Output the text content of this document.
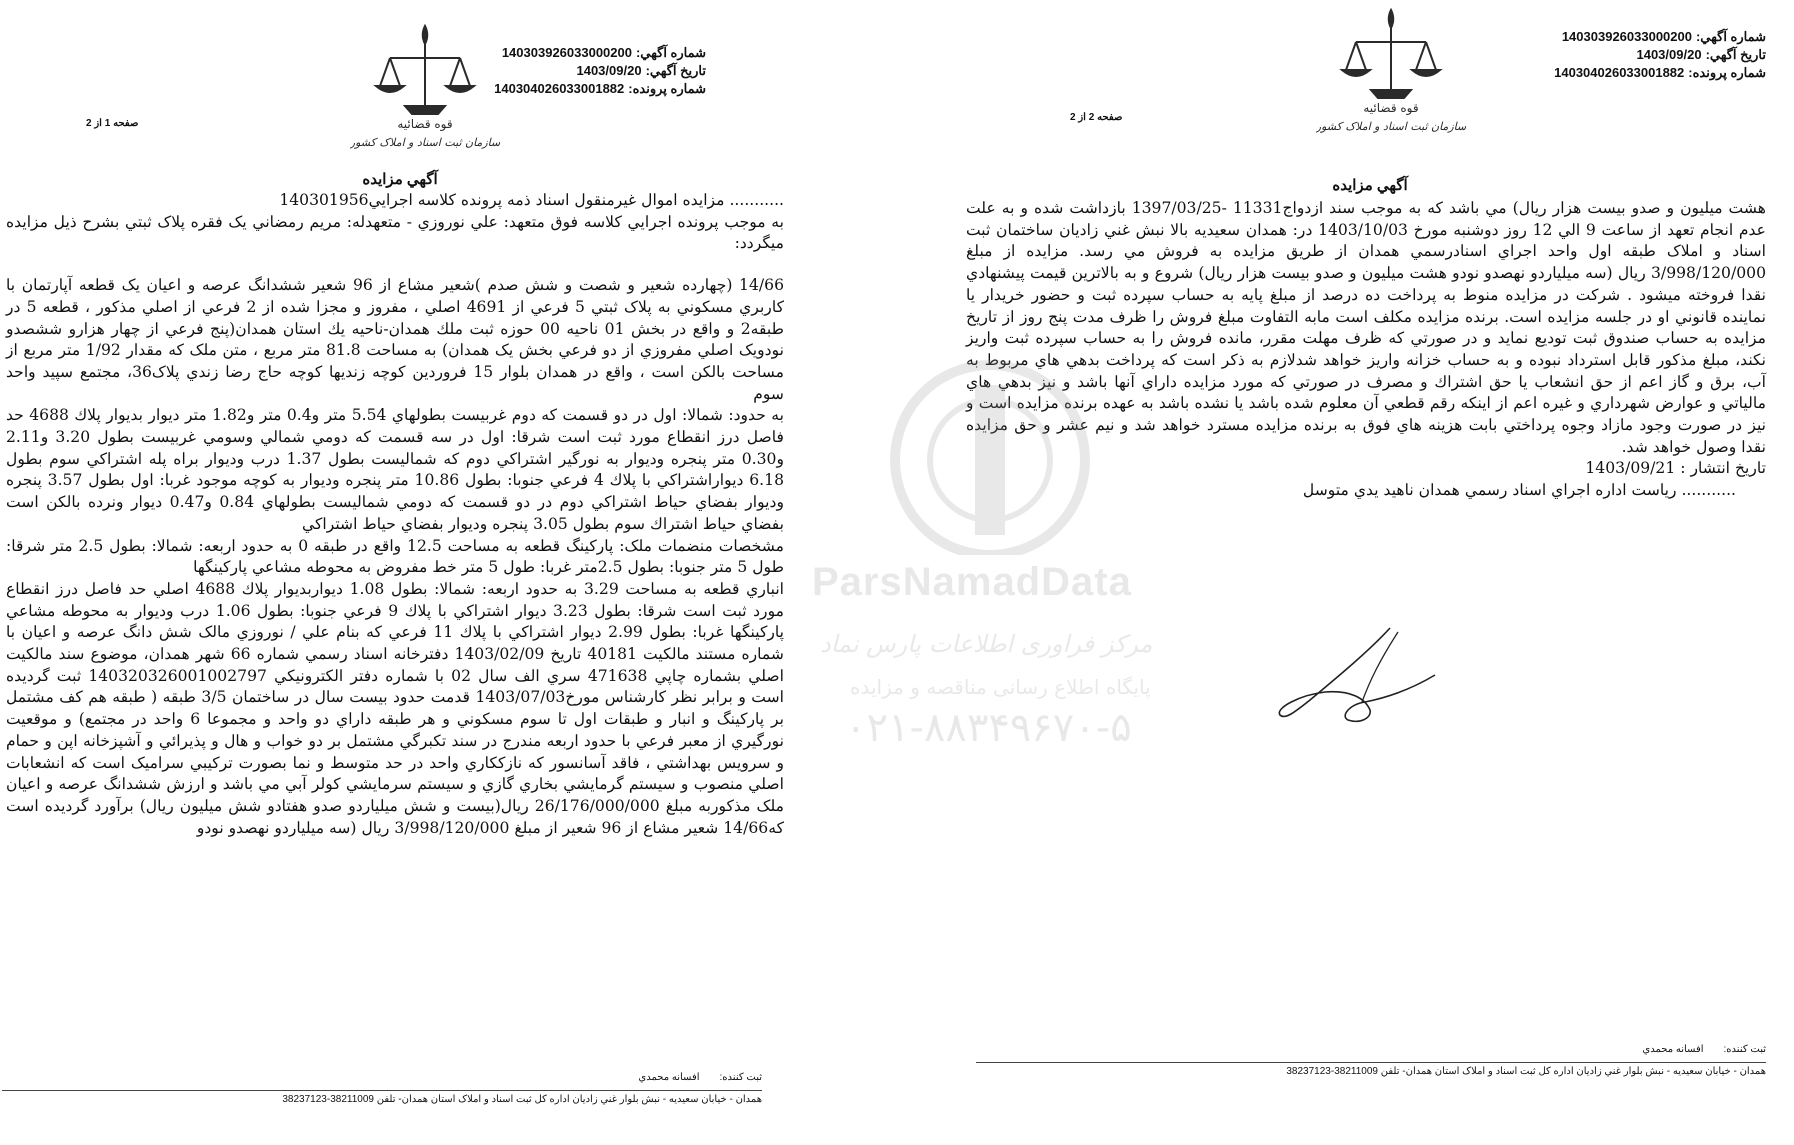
قوه قضائيه
سازمان ثبت اسناد و املاک کشور
شماره آگهي:140303926033000200
تاريخ آگهي:1403/09/20
شماره پرونده:140304026033001882
صفحه 1 از 2
آگهي مزايده

........... مزايده اموال غيرمنقول اسناد ذمه پرونده کلاسه اجرايي140301956

به موجب پرونده اجرايي کلاسه فوق متعهد: علي نوروزي - متعهدله: مريم رمضاني يک فقره پلاک ثبتي بشرح ذيل مزايده ميگردد:

14/66 (چهارده شعير و شصت و شش صدم )شعير مشاع از 96 شعير ششدانگ عرصه و اعيان يک قطعه آپارتمان با کاربري مسکوني به پلاک ثبتي 5 فرعي از 4691 اصلي ، مفروز و مجزا شده از 2 فرعي از اصلي مذکور ، قطعه 5 در طبقه2 و واقع در بخش 01 ناحيه 00 حوزه ثبت ملك همدان-ناحيه يك استان همدان(پنج فرعي از چهار هزارو ششصدو نودويک اصلي مفروزي از دو فرعي بخش يک همدان) به مساحت 81.8 متر مربع ، متن ملک که مقدار 1/92 متر مربع از مساحت بالكن است ، واقع در همدان بلوار 15 فروردين كوچه زنديها كوچه حاج رضا زندي پلاک36، مجتمع سپيد واحد سوم

به حدود: شمالا: اول در دو قسمت که دوم غربيست بطولهاي 5.54 متر و0.4 متر و1.82 متر ديوار بديوار پلاك 4688 حد فاصل درز انقطاع مورد ثبت است شرقا: اول در سه قسمت كه دومي شمالي وسومي غربيست بطول 3.20 و2.11 و0.30 متر پنجره وديوار به نورگير اشتراكي دوم كه شماليست بطول 1.37 درب وديوار براه پله اشتراكي سوم بطول 6.18 ديواراشتراكي با پلاك 4 فرعي جنوبا: بطول 10.86 متر پنجره وديوار به كوچه موجود غربا: اول بطول 3.57 پنجره وديوار بفضاي حياط اشتراكي دوم در دو قسمت كه دومي شماليست بطولهاي 0.84 و0.47 ديوار ونرده بالكن است بفضاي حياط اشتراك سوم بطول 3.05 پنجره وديوار بفضاي حياط اشتراكي

مشخصات منضمات ملک: پارکينگ قطعه به مساحت 12.5 واقع در طبقه 0 به حدود اربعه: شمالا: بطول 2.5 متر شرقا: طول 5 متر جنوبا: بطول 2.5متر غربا: طول 5 متر خط مفروض به محوطه مشاعي پارکينگها

انباري قطعه به مساحت 3.29 به حدود اربعه: شمالا: بطول 1.08 ديواربديوار پلاك 4688 اصلي حد فاصل درز انقطاع مورد ثبت است شرقا: بطول 3.23 ديوار اشتراكي با پلاك 9 فرعي جنوبا: بطول 1.06 درب وديوار به محوطه مشاعي پاركينگها غربا: بطول 2.99 ديوار اشتراكي با پلاك 11 فرعي كه بنام علي / نوروزي مالک شش دانگ عرصه و اعيان با شماره مستند مالکيت 40181 تاريخ 1403/02/09 دفترخانه اسناد رسمي شماره 66 شهر همدان، موضوع سند مالکيت اصلي بشماره چاپي 471638 سري الف سال 02 با شماره دفتر الکترونيکي 140320326001002797 ثبت گرديده است و برابر نظر كارشناس مورخ1403/07/03 قدمت حدود بيست سال در ساختمان 3/5 طبقه ( طبقه هم كف مشتمل بر پاركينگ و انبار و طبقات اول تا سوم مسكوني و هر طبقه داراي دو واحد و مجموعا 6 واحد در مجتمع) و موقعيت نورگيري از معبر فرعي با حدود اربعه مندرج در سند تكبرگي مشتمل بر دو خواب و هال و پذيرائي و آشپزخانه اپن و حمام و سرويس بهداشتي ، فاقد آسانسور كه نازككاري واحد در حد متوسط و نما بصورت تركيبي سراميک است كه انشعابات اصلي منصوب و سيستم گرمايشي بخاري گازي و سيستم سرمايشي كولر آبي مي باشد و ارزش ششدانگ عرصه و اعيان ملک مذكوربه مبلغ 26/176/000/000 ريال(بيست و شش ميلياردو صدو هفتادو شش ميليون ريال) برآورد گرديده است كه14/66 شعير مشاع از 96 شعير از مبلغ 3/998/120/000 ريال (سه ميلياردو نهصدو نودو

ثبت کننده:افسانه محمدي
همدان - خيابان سعيديه - نبش بلوار غني زاديان اداره كل ثبت اسناد و املاک استان همدان- تلفن 38211009-38237123
قوه قضائيه
سازمان ثبت اسناد و املاک کشور
شماره آگهي:140303926033000200
تاريخ آگهي:1403/09/20
شماره پرونده:140304026033001882
صفحه 2 از 2
آگهي مزايده

هشت ميليون و صدو بيست هزار ريال) مي باشد كه به موجب سند ازدواج11331 -1397/03/25 بازداشت شده و به علت عدم انجام تعهد از ساعت 9 الي 12 روز دوشنبه مورخ 1403/10/03 در: همدان سعيديه بالا نبش غني زاديان ساختمان ثبت اسناد و املاک طبقه اول واحد اجراي اسنادرسمي همدان از طريق مزايده به فروش مي رسد. مزايده از مبلغ 3/998/120/000 ريال (سه ميلياردو نهصدو نودو هشت ميليون و صدو بيست هزار ريال) شروع و به بالاترين قيمت پيشنهادي نقدا فروخته ميشود . شركت در مزايده منوط به پرداخت ده درصد از مبلغ پايه به حساب سپرده ثبت و حضور خريدار يا نماينده قانوني او در جلسه مزايده است. برنده مزايده مكلف است مابه التفاوت مبلغ فروش را ظرف مدت پنج روز از تاريخ مزايده به حساب صندوق ثبت توديع نمايد و در صورتي كه ظرف مهلت مقرر، مانده فروش را به حساب سپرده ثبت واريز نكند، مبلغ مذكور قابل استرداد نبوده و به حساب خزانه واريز خواهد شدلازم به ذكر است كه پرداخت بدهي هاي مربوط به آب، برق و گاز اعم از حق انشعاب يا حق اشتراك و مصرف در صورتي كه مورد مزايده داراي آنها باشد و نيز بدهي هاي مالياتي و عوارض شهرداري و غيره اعم از اينكه رقم قطعي آن معلوم شده باشد يا نشده باشد به عهده برنده مزايده است و نيز در صورت وجود مازاد وجوه پرداختي بابت هزينه هاي فوق به برنده مزايده مسترد خواهد شد و نيم عشر و حق مزايده نقدا وصول خواهد شد.

تاريخ انتشار : 1403/09/21

........... رياست اداره اجراي اسناد رسمي همدان ناهيد يدي متوسل

ثبت کننده:افسانه محمدي
همدان - خيابان سعيديه - نبش بلوار غني زاديان اداره كل ثبت اسناد و املاک استان همدان- تلفن 38211009-38237123
ParsNamadData
مرکز فراوری اطلاعات پارس نماد
پایگاه اطلاع رسانی مناقصه و مزایده
۰۲۱-۸۸۳۴۹۶۷۰-۵
